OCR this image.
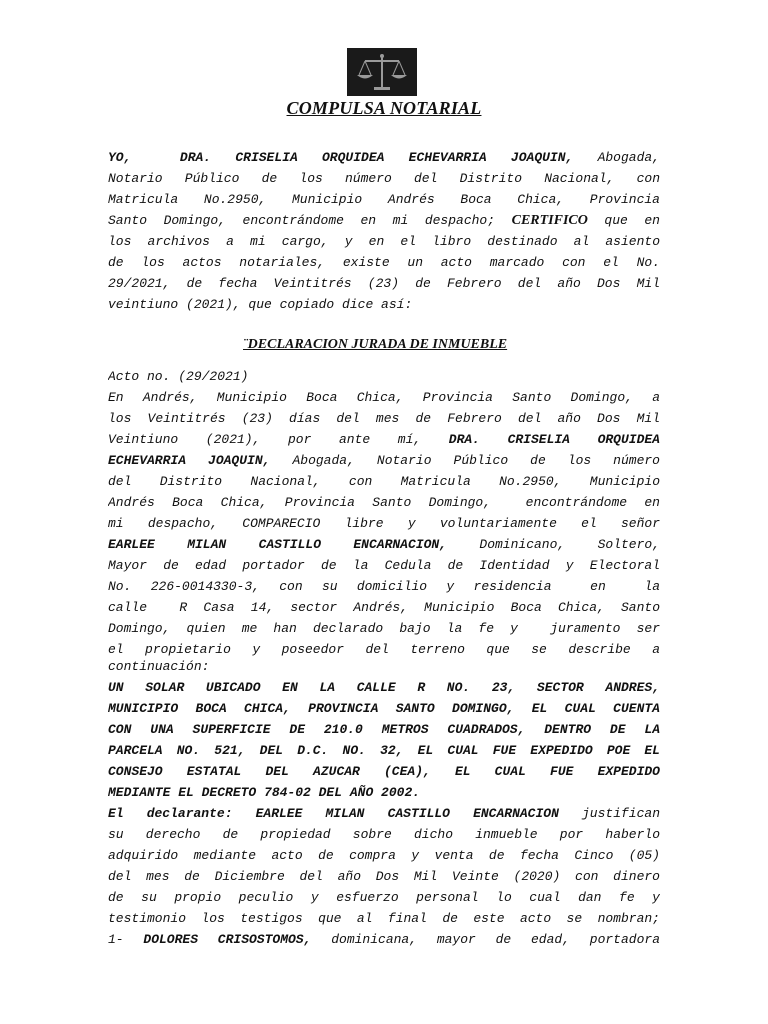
COMPULSA NOTARIAL
YO,	DRA. CRISELIA ORQUIDEA ECHEVARRIA JOAQUIN, Abogada,
Notario Público de los número del Distrito Nacional, con
Matricula No.2950, Municipio Andrés Boca Chica, Provincia
Santo Domingo, encontrándome en mi despacho; CERTIFICO que en
los archivos a mi cargo, y en el libro destinado al asiento
de los actos notariales, existe un acto marcado con el No.
29/2021, de fecha Veintitrés (23) de Febrero del año Dos Mil
veintiuno (2021), que copiado dice así:
¨DECLARACION JURADA DE INMUEBLE
Acto no. (29/2021)
En Andrés, Municipio Boca Chica, Provincia Santo Domingo, a
los Veintitrés (23) días del mes de Febrero del año Dos Mil
Veintiuno (2021), por ante mí, DRA. CRISELIA ORQUIDEA
ECHEVARRIA JOAQUIN, Abogada, Notario Público de los número
del Distrito Nacional, con Matricula No.2950, Municipio
Andrés Boca Chica, Provincia Santo Domingo,  encontrándome en
mi despacho, COMPARECIO libre y voluntariamente el señor
EARLEE MILAN CASTILLO ENCARNACION, Dominicano, Soltero,
Mayor de edad portador de la Cedula de Identidad y Electoral
No. 226-0014330-3, con su domicilio y residencia  en  la
calle  R Casa 14, sector Andrés, Municipio Boca Chica, Santo
Domingo, quien me han declarado bajo la fe y  juramento ser
el propietario y poseedor del terreno que se describe a
continuación:
UN SOLAR UBICADO EN LA CALLE R NO. 23, SECTOR ANDRES,
MUNICIPIO BOCA CHICA, PROVINCIA SANTO DOMINGO, EL CUAL CUENTA
CON UNA SUPERFICIE DE 210.0 METROS CUADRADOS, DENTRO DE LA
PARCELA NO. 521, DEL D.C. NO. 32, EL CUAL FUE EXPEDIDO POE EL
CONSEJO ESTATAL DEL AZUCAR (CEA), EL CUAL FUE EXPEDIDO
MEDIANTE EL DECRETO 784-02 DEL AÑO 2002.
El declarante: EARLEE MILAN CASTILLO ENCARNACION justifican
su derecho de propiedad sobre dicho inmueble por haberlo
adquirido mediante acto de compra y venta de fecha Cinco (05)
del mes de Diciembre del año Dos Mil Veinte (2020) con dinero
de su propio peculio y esfuerzo personal lo cual dan fe y
testimonio los testigos que al final de este acto se nombran;
1- DOLORES CRISOSTOMOS, dominicana, mayor de edad, portadora
